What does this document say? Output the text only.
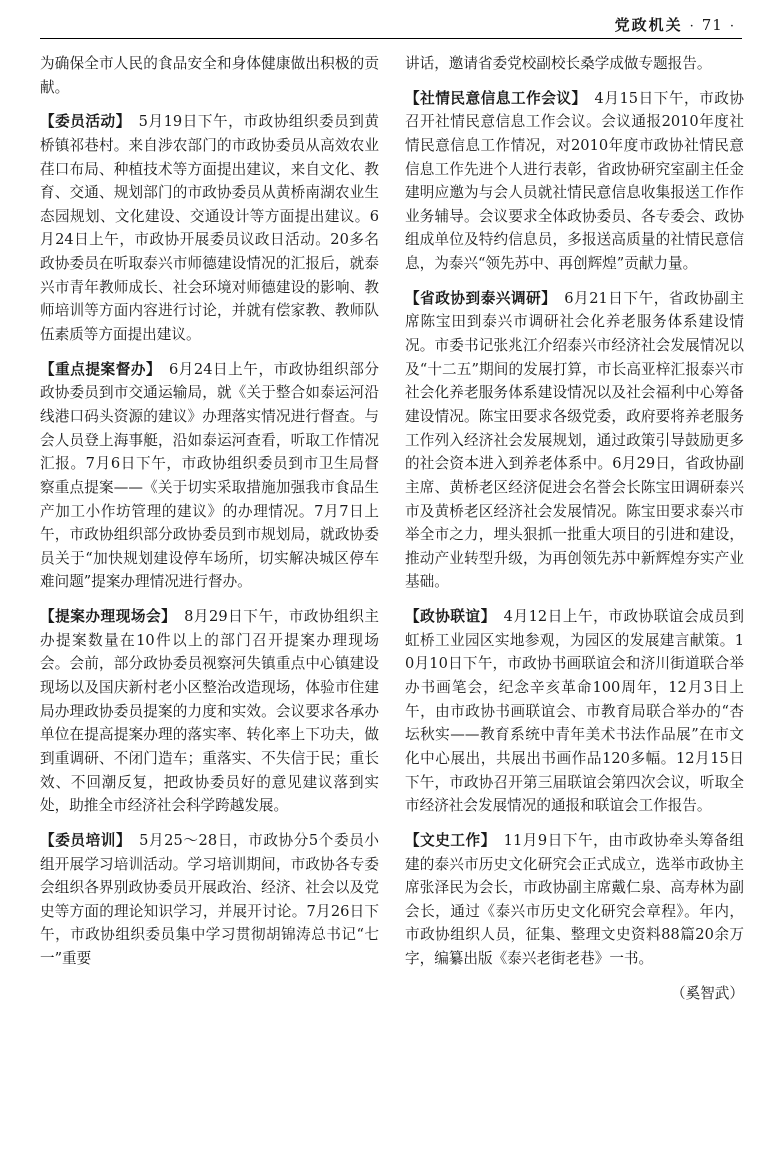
党政机关 · 71 ·

为确保全市人民的食品安全和身体健康做出积极的贡献。

【委员活动】　5月19日下午，市政协组织委员到黄桥镇祁巷村。来自涉农部门的市政协委员从高效农业荏口布局、种植技术等方面提出建议，来自文化、教育、交通、规划部门的市政协委员从黄桥南湖农业生态园规划、文化建设、交通设计等方面提出建议。6月24日上午，市政协开展委员议政日活动。20多名政协委员在听取泰兴市师德建设情况的汇报后，就泰兴市青年教师成长、社会环境对师德建设的影响、教师培训等方面内容进行讨论，并就有偿家教、教师队伍素质等方面提出建议。

【重点提案督办】　6月24日上午，市政协组织部分政协委员到市交通运输局，就《关于整合如泰运河沿线港口码头资源的建议》办理落实情况进行督查。与会人员登上海事艇，沿如泰运河查看，听取工作情况汇报。7月6日下午，市政协组织委员到市卫生局督察重点提案——《关于切实采取措施加强我市食品生产加工小作坊管理的建议》的办理情况。7月7日上午，市政协组织部分政协委员到市规划局，就政协委员关于“加快规划建设停车场所，切实解决城区停车难问题”提案办理情况进行督办。

【提案办理现场会】　8月29日下午，市政协组织主办提案数量在10件以上的部门召开提案办理现场会。会前，部分政协委员视察河失镇重点中心镇建设现场以及国庆新村老小区整治改造现场，体验市住建局办理政协委员提案的力度和实效。会议要求各承办单位在提高提案办理的落实率、转化率上下功夫，做到重调研、不闭门造车；重落实、不失信于民；重长效、不回潮反复，把政协委员好的意见建议落到实处，助推全市经济社会科学跨越发展。

【委员培训】　5月25～28日，市政协分5个委员小组开展学习培训活动。学习培训期间，市政协各专委会组织各界别政协委员开展政治、经济、社会以及党史等方面的理论知识学习，并展开讨论。7月26日下午，市政协组织委员集中学习贯彻胡锦涛总书记“七一”重要

讲话，邀请省委党校副校长桑学成做专题报告。

【社情民意信息工作会议】　4月15日下午，市政协召开社情民意信息工作会议。会议通报2010年度社情民意信息工作情况，对2010年度市政协社情民意信息工作先进个人进行表彰，省政协研究室副主任金建明应邀为与会人员就社情民意信息收集报送工作作业务辅导。会议要求全体政协委员、各专委会、政协组成单位及特约信息员，多报送高质量的社情民意信息，为泰兴“领先苏中、再创辉煌”贡献力量。

【省政协到泰兴调研】　6月21日下午，省政协副主席陈宝田到泰兴市调研社会化养老服务体系建设情况。市委书记张兆江介绍泰兴市经济社会发展情况以及“十二五”期间的发展打算，市长高亚梓汇报泰兴市社会化养老服务体系建设情况以及社会福利中心筹备建设情况。陈宝田要求各级党委，政府要将养老服务工作列入经济社会发展规划，通过政策引导鼓励更多的社会资本进入到养老体系中。6月29日，省政协副主席、黄桥老区经济促进会名誉会长陈宝田调研泰兴市及黄桥老区经济社会发展情况。陈宝田要求泰兴市举全市之力，埋头狠抓一批重大项目的引进和建设，推动产业转型升级，为再创领先苏中新辉煌夯实产业基础。

【政协联谊】　4月12日上午，市政协联谊会成员到虹桥工业园区实地参观，为园区的发展建言献策。10月10日下午，市政协书画联谊会和济川街道联合举办书画笔会，纪念辛亥革命100周年，12月3日上午，由市政协书画联谊会、市教育局联合举办的“杏坛秋实——教育系统中青年美术书法作品展”在市文化中心展出，共展出书画作品120多幅。12月15日下午，市政协召开第三届联谊会第四次会议，听取全市经济社会发展情况的通报和联谊会工作报告。

【文史工作】　11月9日下午，由市政协牵头筹备组建的泰兴市历史文化研究会正式成立，选举市政协主席张泽民为会长，市政协副主席戴仁泉、高寿林为副会长，通过《泰兴市历史文化研究会章程》。年内，市政协组织人员，征集、整理文史资料88篇20余万字，编纂出版《泰兴老街老巷》一书。

（奚智武）
